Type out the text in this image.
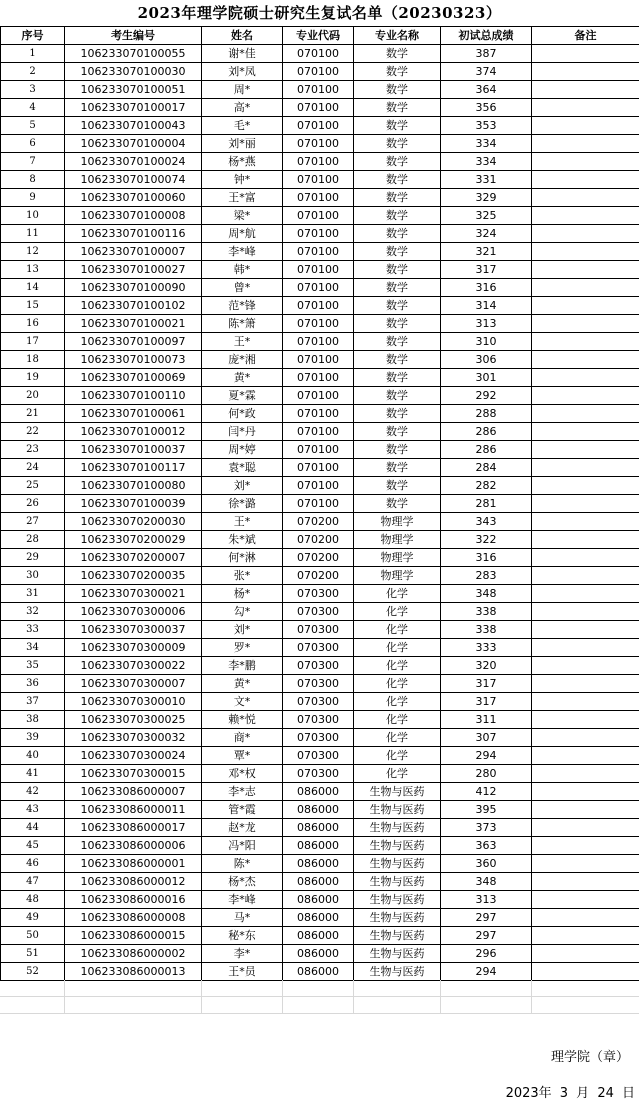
2023年理学院硕士研究生复试名单（20230323）
序号	考生编号	姓名	专业代码	专业名称	初试总成绩	备注
1	106233070100055	谢*佳	070100	数学	387	
2	106233070100030	刘*凤	070100	数学	374	
3	106233070100051	周*	070100	数学	364	
4	106233070100017	高*	070100	数学	356	
5	106233070100043	毛*	070100	数学	353	
6	106233070100004	刘*丽	070100	数学	334	
7	106233070100024	杨*燕	070100	数学	334	
8	106233070100074	钟*	070100	数学	331	
9	106233070100060	王*富	070100	数学	329	
10	106233070100008	梁*	070100	数学	325	
11	106233070100116	周*航	070100	数学	324	
12	106233070100007	李*峰	070100	数学	321	
13	106233070100027	韩*	070100	数学	317	
14	106233070100090	曾*	070100	数学	316	
15	106233070100102	范*锋	070100	数学	314	
16	106233070100021	陈*箫	070100	数学	313	
17	106233070100097	王*	070100	数学	310	
18	106233070100073	庞*湘	070100	数学	306	
19	106233070100069	黄*	070100	数学	301	
20	106233070100110	夏*霖	070100	数学	292	
21	106233070100061	何*政	070100	数学	288	
22	106233070100012	闫*丹	070100	数学	286	
23	106233070100037	周*婷	070100	数学	286	
24	106233070100117	袁*聪	070100	数学	284	
25	106233070100080	刘*	070100	数学	282	
26	106233070100039	徐*潞	070100	数学	281	
27	106233070200030	王*	070200	物理学	343	
28	106233070200029	朱*斌	070200	物理学	322	
29	106233070200007	何*淋	070200	物理学	316	
30	106233070200035	张*	070200	物理学	283	
31	106233070300021	杨*	070300	化学	348	
32	106233070300006	勾*	070300	化学	338	
33	106233070300037	刘*	070300	化学	338	
34	106233070300009	罗*	070300	化学	333	
35	106233070300022	李*鹏	070300	化学	320	
36	106233070300007	黄*	070300	化学	317	
37	106233070300010	文*	070300	化学	317	
38	106233070300025	赖*悦	070300	化学	311	
39	106233070300032	商*	070300	化学	307	
40	106233070300024	覃*	070300	化学	294	
41	106233070300015	邓*权	070300	化学	280	
42	106233086000007	李*志	086000	生物与医药	412	
43	106233086000011	管*霞	086000	生物与医药	395	
44	106233086000017	赵*龙	086000	生物与医药	373	
45	106233086000006	冯*阳	086000	生物与医药	363	
46	106233086000001	陈*	086000	生物与医药	360	
47	106233086000012	杨*杰	086000	生物与医药	348	
48	106233086000016	李*峰	086000	生物与医药	313	
49	106233086000008	马*	086000	生物与医药	297	
50	106233086000015	秘*东	086000	生物与医药	297	
51	106233086000002	李*	086000	生物与医药	296	
52	106233086000013	王*员	086000	生物与医药	294	
理学院（章）
2023年 3 月 24 日
